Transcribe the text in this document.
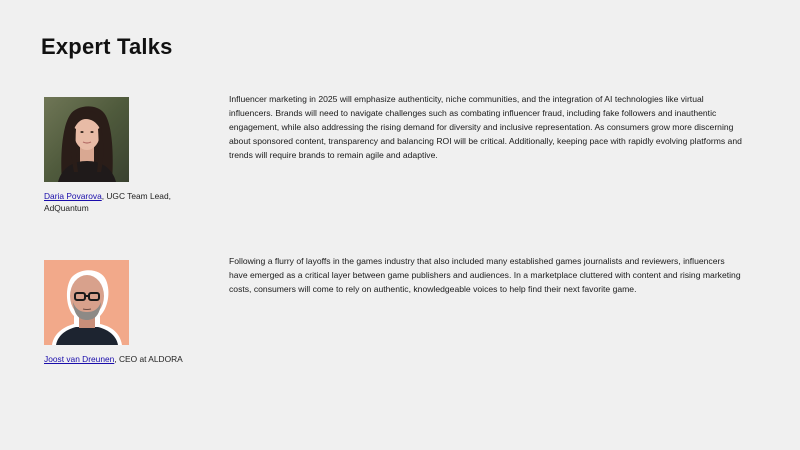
Expert Talks
Daria Povarova, UGC Team Lead, AdQuantum

Influencer marketing in 2025 will emphasize authenticity, niche communities, and the integration of AI technologies like virtual influencers. Brands will need to navigate challenges such as combating influencer fraud, including fake followers and inauthentic engagement, while also addressing the rising demand for diversity and inclusive representation. As consumers grow more discerning about sponsored content, transparency and balancing ROI will be critical. Additionally, keeping pace with rapidly evolving platforms and trends will require brands to remain agile and adaptive.

Joost van Dreunen, CEO at ALDORA

Following a flurry of layoffs in the games industry that also included many established games journalists and reviewers, influencers have emerged as a critical layer between game publishers and audiences. In a marketplace cluttered with content and rising marketing costs, consumers will come to rely on authentic, knowledgeable voices to help find their next favorite game.
